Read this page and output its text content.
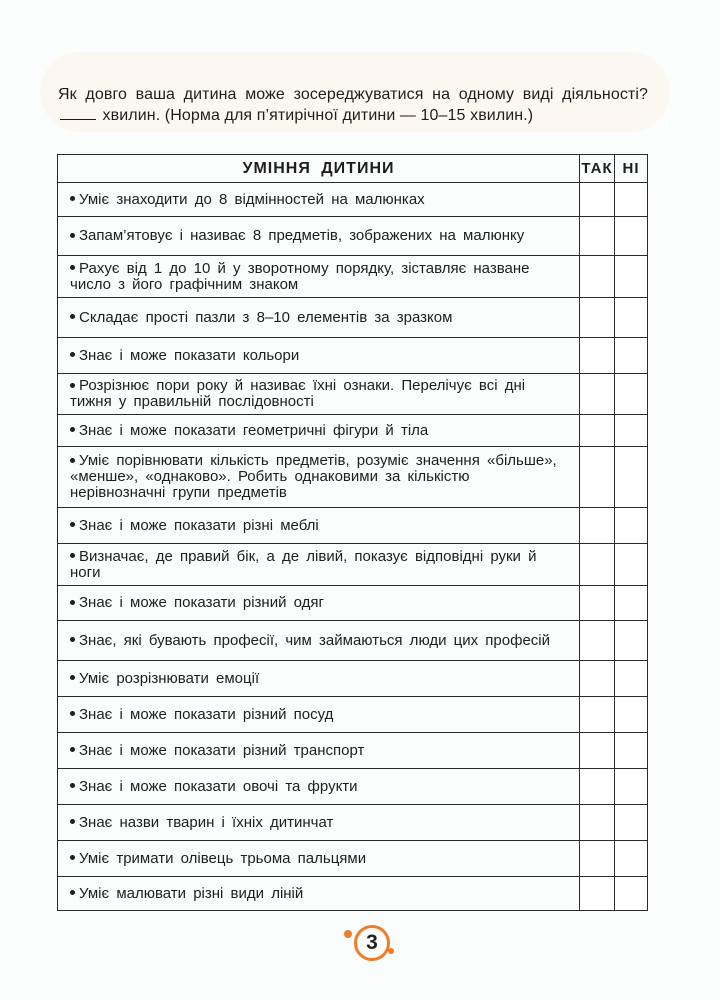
Як довго ваша дитина може зосереджуватися на одному виді діяльності?  хвилин. (Норма для п’ятирічної дитини — 10–15 хвилин.)
УМІННЯ ДИТИНИ	ТАК	НІ
Уміє знаходити до 8 відмінностей на малюнках		
Запам’ятовує і називає 8 предметів, зображених на малюнку		
Рахує від 1 до 10 й у зворотному порядку, зіставляє назване число з його графічним знаком		
Складає прості пазли з 8–10 елементів за зразком		
Знає і може показати кольори		
Розрізнює пори року й називає їхні ознаки. Перелічує всі дні тижня у правильній послідовності		
Знає і може показати геометричні фігури й тіла		
Уміє порівнювати кількість предметів, розуміє значення «більше», «менше», «однаково». Робить однаковими за кількістю нерівнозначні групи предметів		
Знає і може показати різні меблі		
Визначає, де правий бік, а де лівий, показує відповідні руки й ноги		
Знає і може показати різний одяг		
Знає, які бувають професії, чим займаються люди цих професій		
Уміє розрізнювати емоції		
Знає і може показати різний посуд		
Знає і може показати різний транспорт		
Знає і може показати овочі та фрукти		
Знає назви тварин і їхніх дитинчат		
Уміє тримати олівець трьома пальцями		
Уміє малювати різні види ліній		
3
